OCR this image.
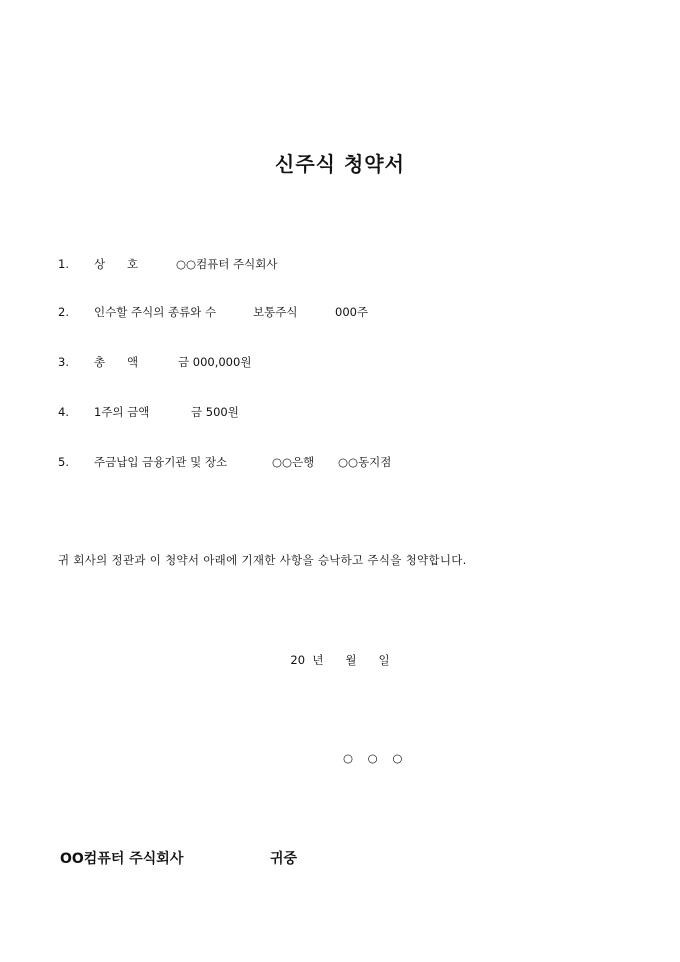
신주식 청약서
1. 상      호	○○컴퓨터 주식회사
2. 인수할 주식의 종류와 수	보통주식	000주
3. 총      액	금 000,000원
4. 1주의 금액	금 500원
5. 주금납입 금융기관 및 장소	○○은행 ○○동지점
귀 회사의 정관과 이 청약서 아래에 기재한 사항을 승낙하고 주식을 청약합니다.
20  년      월      일
○    ○    ○
OO컴퓨터 주식회사	귀중
